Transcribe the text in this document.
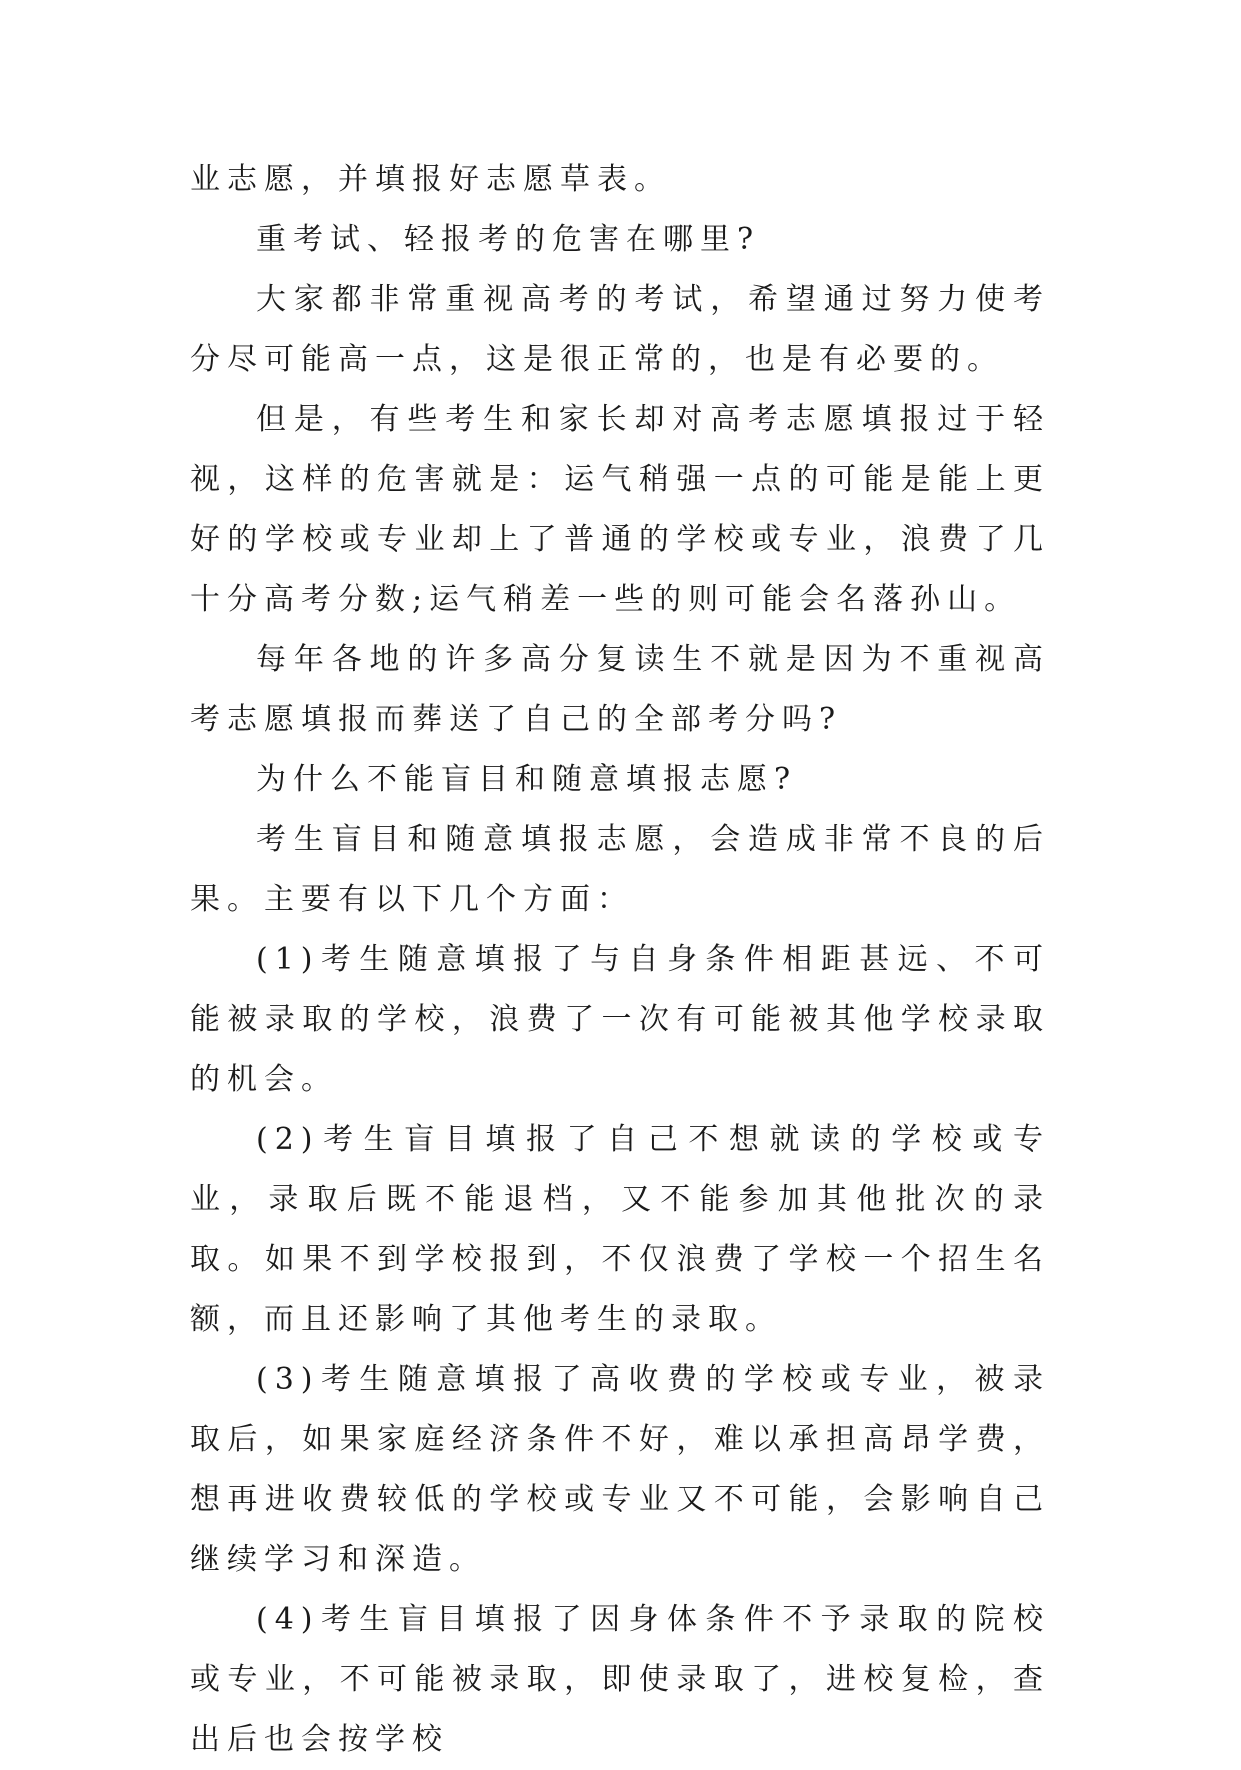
业志愿，并填报好志愿草表。

重考试、轻报考的危害在哪里?

大家都非常重视高考的考试，希望通过努力使考分尽可能高一点，这是很正常的，也是有必要的。

但是，有些考生和家长却对高考志愿填报过于轻视，这样的危害就是：运气稍强一点的可能是能上更好的学校或专业却上了普通的学校或专业，浪费了几十分高考分数;运气稍差一些的则可能会名落孙山。

每年各地的许多高分复读生不就是因为不重视高考志愿填报而葬送了自己的全部考分吗?

为什么不能盲目和随意填报志愿?

考生盲目和随意填报志愿，会造成非常不良的后果。主要有以下几个方面：

(1)考生随意填报了与自身条件相距甚远、不可能被录取的学校，浪费了一次有可能被其他学校录取的机会。

(2)考生盲目填报了自己不想就读的学校或专业，录取后既不能退档，又不能参加其他批次的录取。如果不到学校报到，不仅浪费了学校一个招生名额，而且还影响了其他考生的录取。

(3)考生随意填报了高收费的学校或专业，被录取后，如果家庭经济条件不好，难以承担高昂学费，想再进收费较低的学校或专业又不可能，会影响自己继续学习和深造。

(4)考生盲目填报了因身体条件不予录取的院校或专业，不可能被录取，即使录取了，进校复检，查出后也会按学校
